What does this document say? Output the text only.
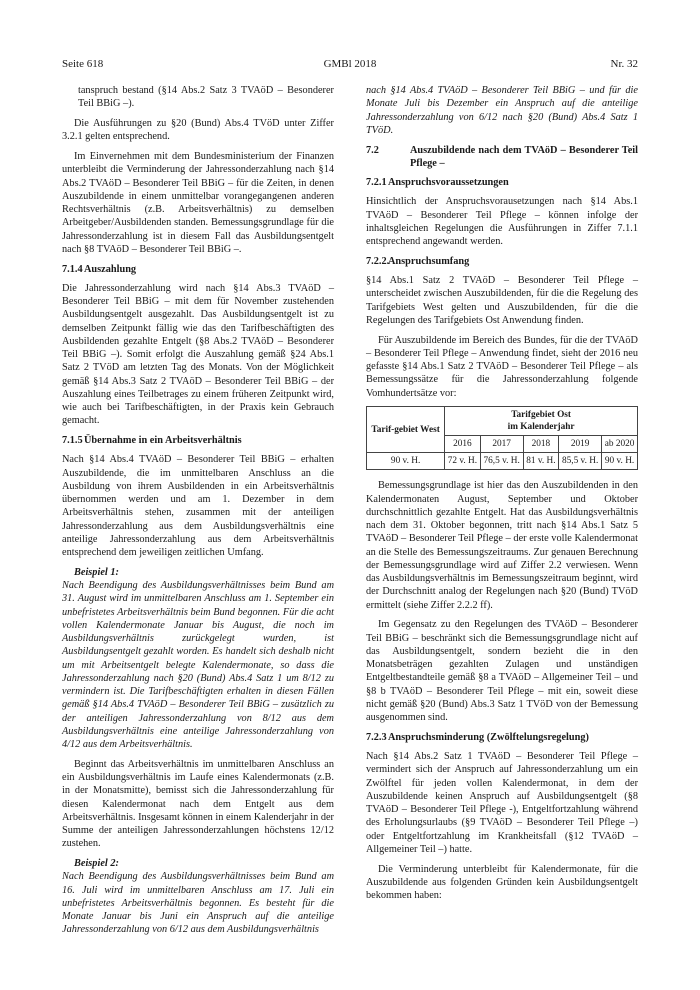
Seite 618	GMBl 2018	Nr. 32

tanspruch bestand (§14 Abs.2 Satz 3 TVAöD – Besonderer Teil BBiG –).

Die Ausführungen zu §20 (Bund) Abs.4 TVöD unter Ziffer 3.2.1 gelten entsprechend.

Im Einvernehmen mit dem Bundesministerium der Finanzen unterbleibt die Verminderung der Jahressonderzahlung nach §14 Abs.2 TVAöD – Besonderer Teil BBiG – für die Zeiten, in denen Auszubildende in einem unmittelbar vorangegangenen anderen Rechtsverhältnis (z.B. Arbeitsverhältnis) zu demselben Arbeitgeber/Ausbildenden standen. Bemessungsgrundlage für die Jahressonderzahlung ist in diesem Fall das Ausbildungsentgelt nach §8 TVAöD – Besonderer Teil BBiG –.

7.1.4 Auszahlung

Die Jahressonderzahlung wird nach §14 Abs.3 TVAöD – Besonderer Teil BBiG – mit dem für November zustehenden Ausbildungsentgelt ausgezahlt. Das Ausbildungsentgelt ist zu demselben Zeitpunkt fällig wie das den Tarifbeschäftigten des Ausbildenden gezahlte Entgelt (§8 Abs.2 TVAöD – Besonderer Teil BBiG –). Somit erfolgt die Auszahlung gemäß §24 Abs.1 Satz 2 TVöD am letzten Tag des Monats. Von der Möglichkeit gemäß §14 Abs.3 Satz 2 TVAöD – Besonderer Teil BBiG – der Auszahlung eines Teilbetrages zu einem früheren Zeitpunkt wird, wie auch bei Tarifbeschäftigten, in der Praxis kein Gebrauch gemacht.

7.1.5 Übernahme in ein Arbeitsverhältnis

Nach §14 Abs.4 TVAöD – Besonderer Teil BBiG – erhalten Auszubildende, die im unmittelbaren Anschluss an die Ausbildung von ihrem Ausbildenden in ein Arbeitsverhältnis übernommen werden und am 1. Dezember in dem Arbeitsverhältnis stehen, zusammen mit der anteiligen Jahressonderzahlung aus dem Ausbildungsverhältnis eine anteilige Jahressonderzahlung aus dem Arbeitsverhältnis entsprechend dem jeweiligen zeitlichen Umfang.

Beispiel 1:

Nach Beendigung des Ausbildungsverhältnisses beim Bund am 31. August wird im unmittelbaren Anschluss am 1. September ein unbefristetes Arbeitsverhältnis beim Bund begonnen. Für die acht vollen Kalendermonate Januar bis August, die noch im Ausbildungsverhältnis zurückgelegt wurden, ist Ausbildungsentgelt gezahlt worden. Es handelt sich deshalb nicht um mit Arbeitsentgelt belegte Kalendermonate, so dass die Jahressonderzahlung nach §20 (Bund) Abs.4 Satz 1 um 8/12 zu vermindern ist. Die Tarifbeschäftigten erhalten in diesen Fällen gemäß §14 Abs.4 TVAöD – Besonderer Teil BBiG – zusätzlich zu der anteiligen Jahressonderzahlung von 8/12 aus dem Ausbildungsverhältnis eine anteilige Jahressonderzahlung von 4/12 aus dem Arbeitsverhältnis.

Beginnt das Arbeitsverhältnis im unmittelbaren Anschluss an ein Ausbildungsverhältnis im Laufe eines Kalendermonats (z.B. in der Monatsmitte), bemisst sich die Jahressonderzahlung für diesen Kalendermonat nach dem Entgelt aus dem Arbeitsverhältnis. Insgesamt können in einem Kalenderjahr in der Summe der anteiligen Jahressonderzahlungen höchstens 12/12 zustehen.

Beispiel 2:

Nach Beendigung des Ausbildungsverhältnisses beim Bund am 16. Juli wird im unmittelbaren Anschluss am 17. Juli ein unbefristetes Arbeitsverhältnis begonnen. Es besteht für die Monate Januar bis Juni ein Anspruch auf die anteilige Jahressonderzahlung von 6/12 aus dem Ausbildungsverhältnis

nach §14 Abs.4 TVAöD – Besonderer Teil BBiG – und für die Monate Juli bis Dezember ein Anspruch auf die anteilige Jahressonderzahlung von 6/12 nach §20 (Bund) Abs.4 Satz 1 TVöD.

7.2	Auszubildende nach dem TVAöD – Besonderer Teil Pflege –
7.2.1 Anspruchsvoraussetzungen

Hinsichtlich der Anspruchsvorausetzungen nach §14 Abs.1 TVAöD – Besonderer Teil Pflege – können infolge der inhaltsgleichen Regelungen die Ausführungen in Ziffer 7.1.1 entsprechend angewandt werden.

7.2.2.
Anspruchsumfang

§14 Abs.1 Satz 2 TVAöD – Besonderer Teil Pflege – unterscheidet zwischen Auszubildenden, für die die Regelung des Tarifgebiets West gelten und Auszubildenden, für die die Regelungen des Tarifgebiets Ost Anwendung finden.

Für Auszubildende im Bereich des Bundes, für die der TVAöD – Besonderer Teil Pflege – Anwendung findet, sieht der 2016 neu gefasste §14 Abs.1 Satz 2 TVAöD – Besonderer Teil Pflege – als Bemessungssätze für die Jahressonderzahlung folgende Vomhundertsätze vor:

Tarif-gebiet West	Tarifgebiet Ost
im Kalenderjahr				

	2016	2017	2018	2019	ab 2020
90 v. H.	72 v. H.	76,5 v. H.	81 v. H.	85,5 v. H.	90 v. H.

Bemessungsgrundlage ist hier das den Auszubildenden in den Kalendermonaten August, September und Oktober durchschnittlich gezahlte Entgelt. Hat das Ausbildungsverhältnis nach dem 31. Oktober begonnen, tritt nach §14 Abs.1 Satz 5 TVAöD – Besonderer Teil Pflege – der erste volle Kalendermonat an die Stelle des Bemessungszeitraums. Zur genauen Berechnung der Bemessungsgrundlage wird auf Ziffer 2.2 verwiesen. Wenn das Ausbildungsverhältnis im Bemessungszeitraum beginnt, wird der Durchschnitt analog der Regelungen nach §20 (Bund) TVöD ermittelt (siehe Ziffer 2.2.2 ff).

Im Gegensatz zu den Regelungen des TVAöD – Besonderer Teil BBiG – beschränkt sich die Bemessungsgrundlage nicht auf das Ausbildungsentgelt, sondern bezieht die in den Monatsbeträgen gezahlten Zulagen und unständigen Entgeltbestandteile gemäß §8 a TVAöD – Allgemeiner Teil – und §8 b TVAöD – Besonderer Teil Pflege – mit ein, soweit diese nicht gemäß §20 (Bund) Abs.3 Satz 1 TVöD von der Bemessung ausgenommen sind.

7.2.3 Anspruchsminderung (Zwölftelungsregelung)

Nach §14 Abs.2 Satz 1 TVAöD – Besonderer Teil Pflege – vermindert sich der Anspruch auf Jahressonderzahlung um ein Zwölftel für jeden vollen Kalendermonat, in dem der Auszubildende keinen Anspruch auf Ausbildungsentgelt (§8 TVAöD – Besonderer Teil Pflege -), Entgeltfortzahlung während des Erholungsurlaubs (§9 TVAöD – Besonderer Teil Pflege –) oder Entgeltfortzahlung im Krankheitsfall (§12 TVAöD – Allgemeiner Teil –) hatte.

Die Verminderung unterbleibt für Kalendermonate, für die Auszubildende aus folgenden Gründen kein Ausbildungsentgelt bekommen haben:
